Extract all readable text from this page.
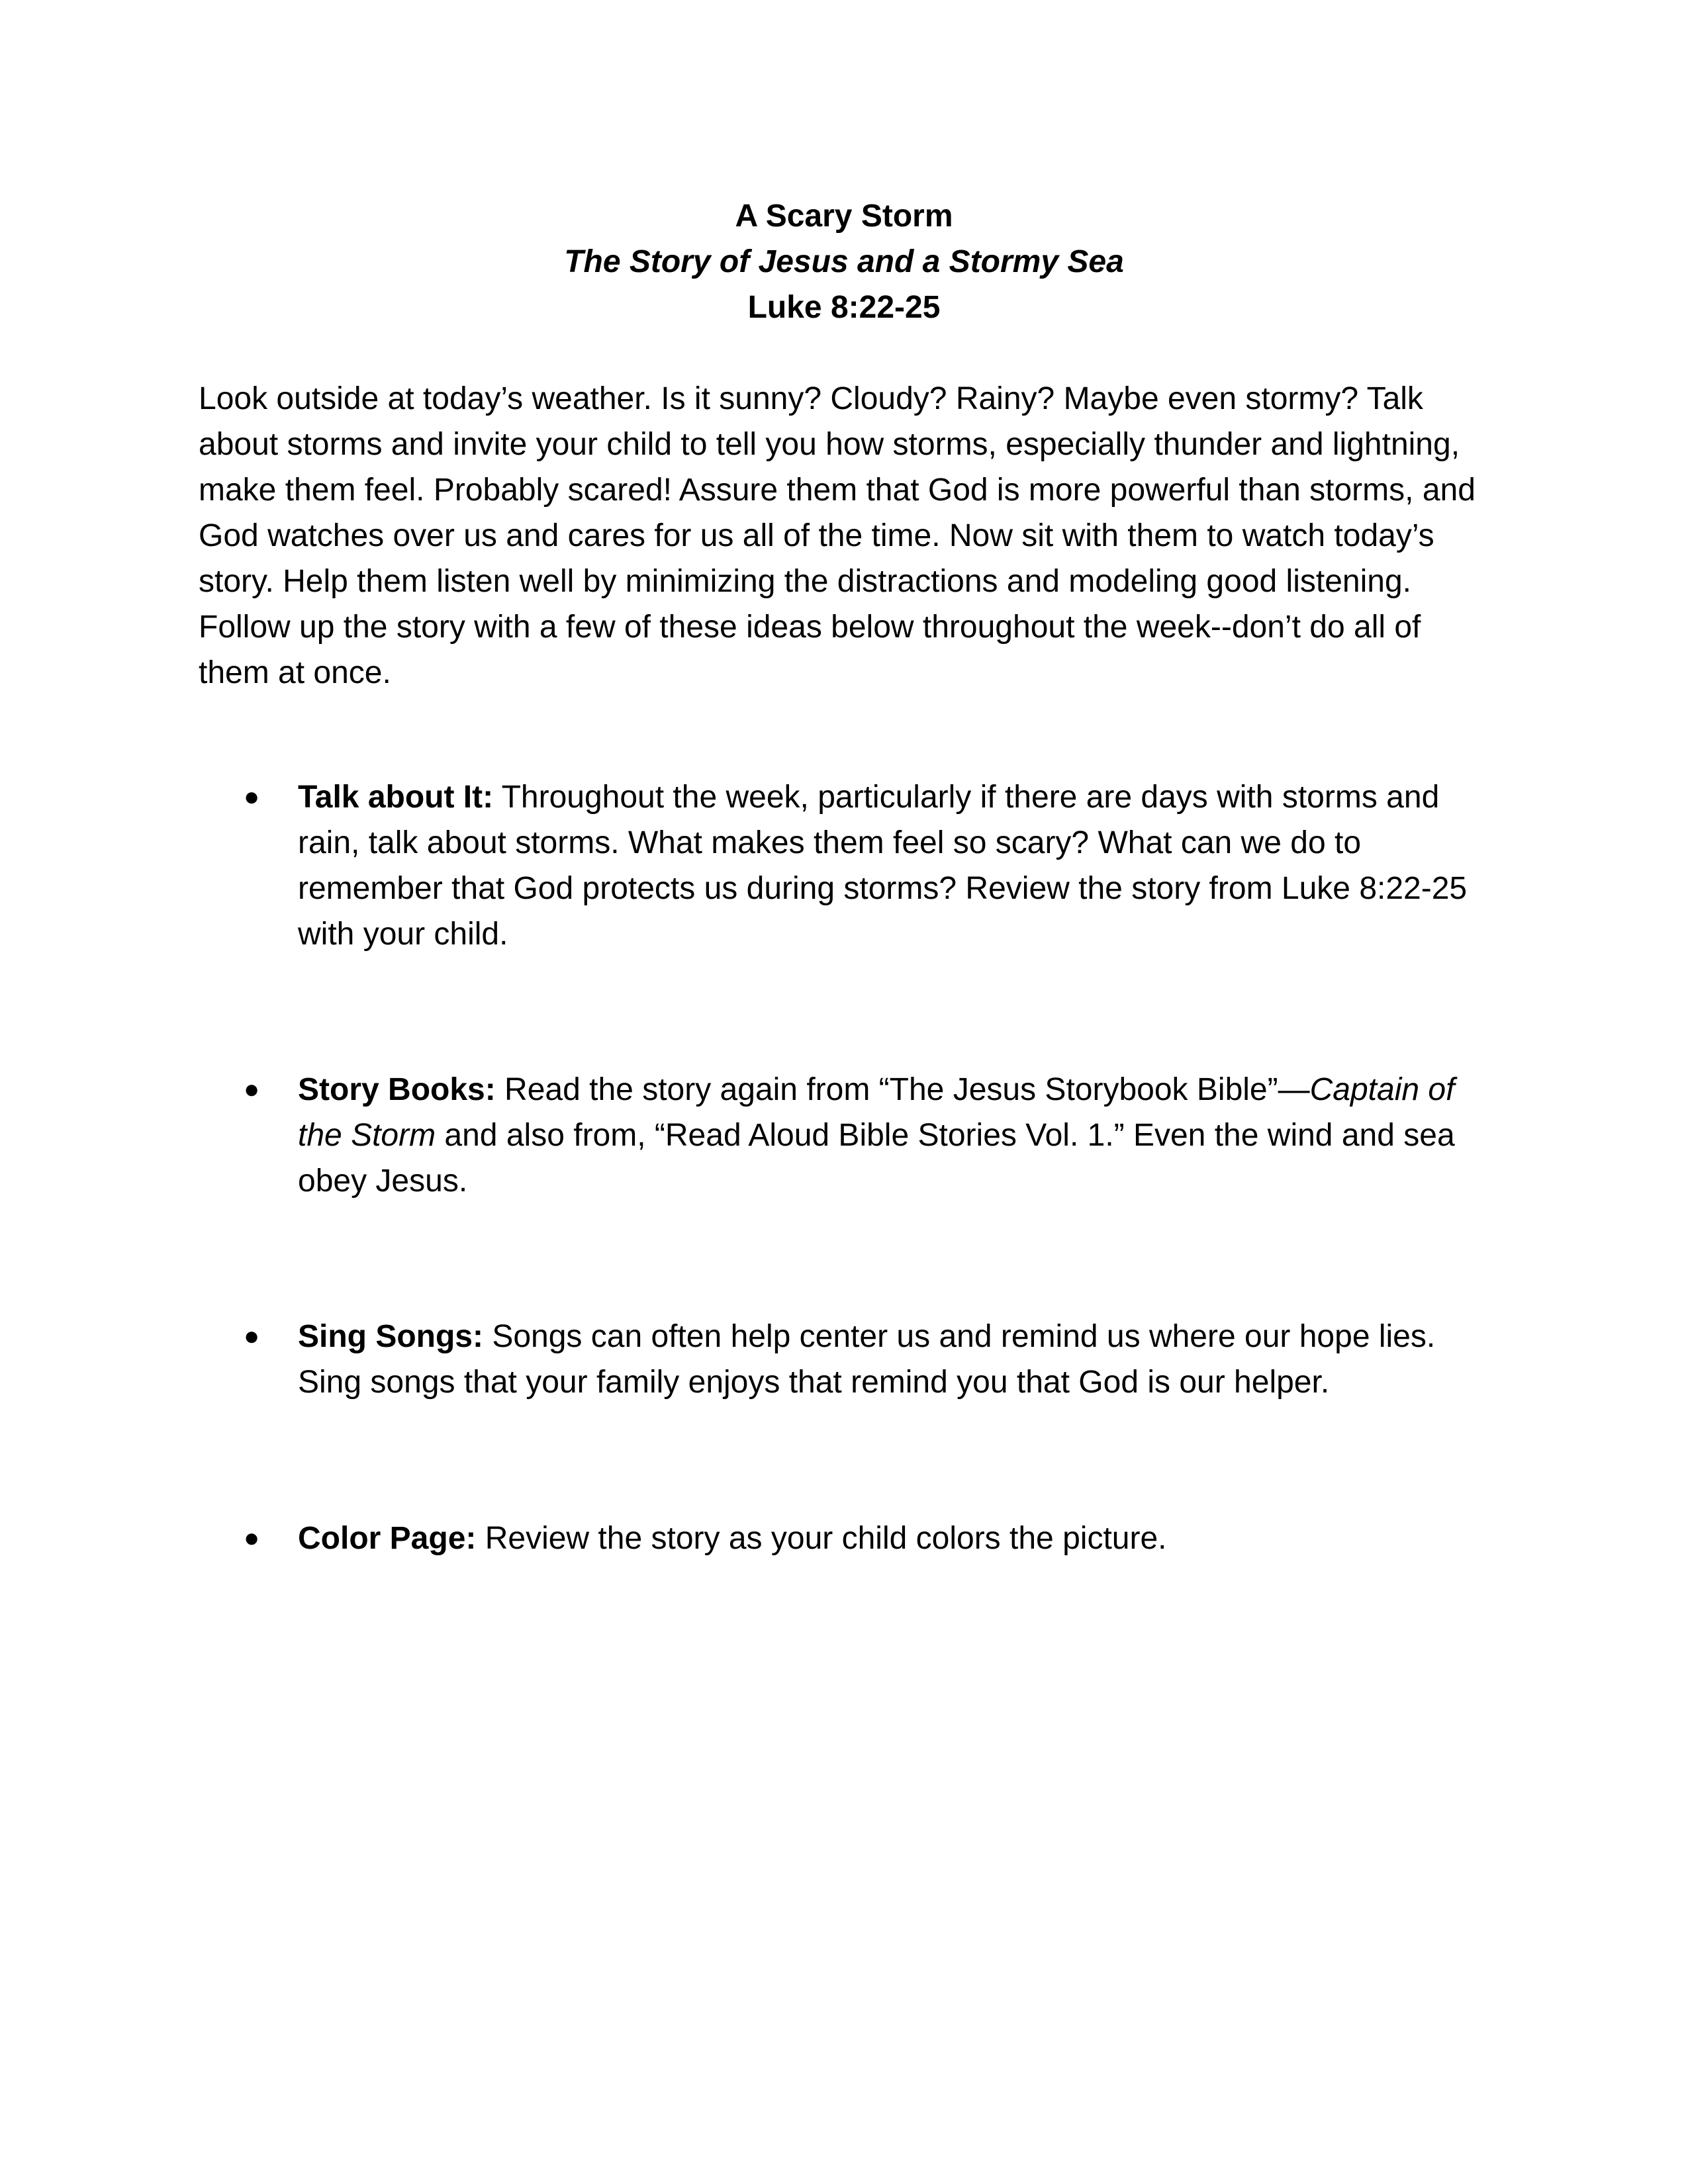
A Scary Storm
The Story of Jesus and a Stormy Sea
Luke 8:22-25

Look outside at today’s weather. Is it sunny? Cloudy? Rainy? Maybe even stormy? Talk about storms and invite your child to tell you how storms, especially thunder and lightning, make them feel. Probably scared! Assure them that God is more powerful than storms, and God watches over us and cares for us all of the time. Now sit with them to watch today’s story. Help them listen well by minimizing the distractions and modeling good listening. Follow up the story with a few of these ideas below throughout the week--don’t do all of them at once.

● Talk about It: Throughout the week, particularly if there are days with storms and rain, talk about storms. What makes them feel so scary? What can we do to remember that God protects us during storms? Review the story from Luke 8:22-25 with your child.

● Story Books: Read the story again from “The Jesus Storybook Bible”—Captain of the Storm and also from, “Read Aloud Bible Stories Vol. 1.” Even the wind and sea obey Jesus.

● Sing Songs: Songs can often help center us and remind us where our hope lies. Sing songs that your family enjoys that remind you that God is our helper.

● Color Page: Review the story as your child colors the picture.
